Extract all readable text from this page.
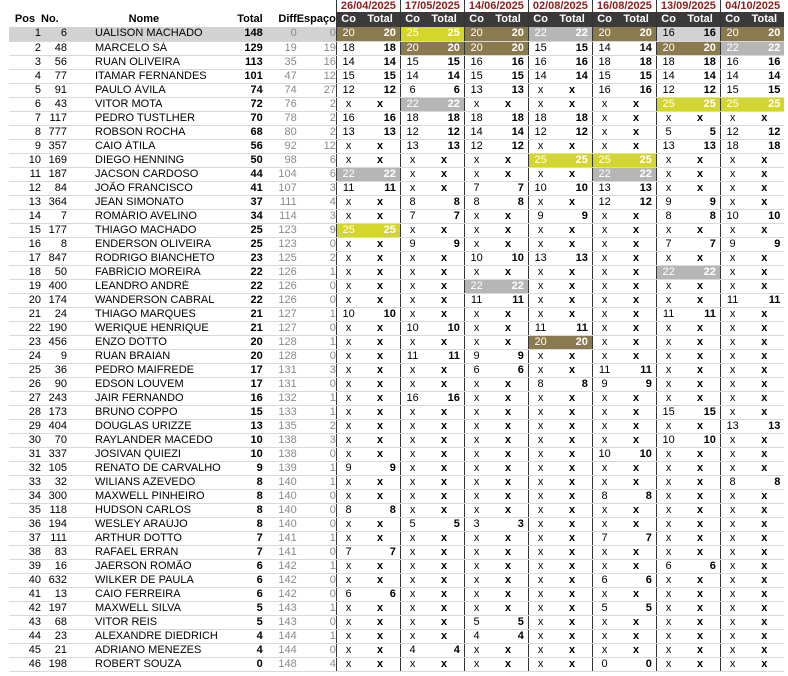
						26/04/2025		17/05/2025		14/06/2025		02/08/2025		16/08/2025		13/09/2025		04/10/2025	
Pos	No.	Nome	Total	Diff	Espaço	Co	Total	Co	Total	Co	Total	Co	Total	Co	Total	Co	Total	Co	Total
1	6	UALISON MACHADO	148	0	0	20	20	25	25	20	20	22	22	20	20	16	16	20	20
2	48	MARCELO SÁ	129	19	19	18	18	20	20	20	20	15	15	14	14	20	20	22	22
3	56	RUAN OLIVEIRA	113	35	16	14	14	15	15	16	16	16	16	18	18	18	18	16	16
4	77	ITAMAR FERNANDES	101	47	12	15	15	14	14	15	15	14	14	15	15	14	14	14	14
5	91	PAULO ÁVILA	74	74	27	12	12	6	6	13	13	x	x	16	16	12	12	15	15
6	43	VITOR MOTA	72	76	2	x	x	22	22	x	x	x	x	x	x	25	25	25	25
7	117	PEDRO TUSTLHER	70	78	2	16	16	18	18	18	18	18	18	x	x	x	x	x	x
8	777	ROBSON ROCHA	68	80	2	13	13	12	12	14	14	12	12	x	x	5	5	12	12
9	357	CAIO ÁTILA	56	92	12	x	x	13	13	12	12	x	x	x	x	13	13	18	18
10	169	DIEGO HENNING	50	98	6	x	x	x	x	x	x	25	25	25	25	x	x	x	x
11	187	JACSON CARDOSO	44	104	6	22	22	x	x	x	x	x	x	22	22	x	x	x	x
12	84	JOÃO FRANCISCO	41	107	3	11	11	x	x	7	7	10	10	13	13	x	x	x	x
13	364	JEAN SIMONATO	37	111	4	x	x	8	8	8	8	x	x	12	12	9	9	x	x
14	7	ROMÁRIO AVELINO	34	114	3	x	x	7	7	x	x	9	9	x	x	8	8	10	10
15	177	THIAGO MACHADO	25	123	9	25	25	x	x	x	x	x	x	x	x	x	x	x	x
16	8	ENDERSON OLIVEIRA	25	123	0	x	x	9	9	x	x	x	x	x	x	7	7	9	9
17	847	RODRIGO BIANCHETO	23	125	2	x	x	x	x	10	10	13	13	x	x	x	x	x	x
18	50	FABRÍCIO MOREIRA	22	126	1	x	x	x	x	x	x	x	x	x	x	22	22	x	x
19	400	LEANDRO ANDRÉ	22	126	0	x	x	x	x	22	22	x	x	x	x	x	x	x	x
20	174	WANDERSON CABRAL	22	126	0	x	x	x	x	11	11	x	x	x	x	x	x	11	11
21	24	THIAGO MARQUES	21	127	1	10	10	x	x	x	x	x	x	x	x	11	11	x	x
22	190	WERIQUE HENRIQUE	21	127	0	x	x	10	10	x	x	11	11	x	x	x	x	x	x
23	456	ENZO DOTTO	20	128	1	x	x	x	x	x	x	20	20	x	x	x	x	x	x
24	9	RUAN BRAIAN	20	128	0	x	x	11	11	9	9	x	x	x	x	x	x	x	x
25	36	PEDRO MAIFREDE	17	131	3	x	x	x	x	6	6	x	x	11	11	x	x	x	x
26	90	EDSON LOUVEM	17	131	0	x	x	x	x	x	x	8	8	9	9	x	x	x	x
27	243	JAIR FERNANDO	16	132	1	x	x	16	16	x	x	x	x	x	x	x	x	x	x
28	173	BRUNO COPPO	15	133	1	x	x	x	x	x	x	x	x	x	x	15	15	x	x
29	404	DOUGLAS URIZZE	13	135	2	x	x	x	x	x	x	x	x	x	x	x	x	13	13
30	70	RAYLANDER MACEDO	10	138	3	x	x	x	x	x	x	x	x	x	x	10	10	x	x
31	337	JOSIVAN QUIEZI	10	138	0	x	x	x	x	x	x	x	x	10	10	x	x	x	x
32	105	RENATO DE CARVALHO	9	139	1	9	9	x	x	x	x	x	x	x	x	x	x	x	x
33	32	WILIANS AZEVEDO	8	140	1	x	x	x	x	x	x	x	x	x	x	x	x	8	8
34	300	MAXWELL PINHEIRO	8	140	0	x	x	x	x	x	x	x	x	8	8	x	x	x	x
35	118	HUDSON CARLOS	8	140	0	8	8	x	x	x	x	x	x	x	x	x	x	x	x
36	194	WESLEY ARAÚJO	8	140	0	x	x	5	5	3	3	x	x	x	x	x	x	x	x
37	111	ARTHUR DOTTO	7	141	1	x	x	x	x	x	x	x	x	7	7	x	x	x	x
38	83	RAFAEL ERRAN	7	141	0	7	7	x	x	x	x	x	x	x	x	x	x	x	x
39	16	JAERSON ROMÃO	6	142	1	x	x	x	x	x	x	x	x	x	x	6	6	x	x
40	632	WILKER DE PAULA	6	142	0	x	x	x	x	x	x	x	x	6	6	x	x	x	x
41	13	CAIO FERREIRA	6	142	0	6	6	x	x	x	x	x	x	x	x	x	x	x	x
42	197	MAXWELL SILVA	5	143	1	x	x	x	x	x	x	x	x	5	5	x	x	x	x
43	68	VITOR REIS	5	143	0	x	x	x	x	5	5	x	x	x	x	x	x	x	x
44	23	ALEXANDRE DIEDRICH	4	144	1	x	x	x	x	4	4	x	x	x	x	x	x	x	x
45	21	ADRIANO MENEZES	4	144	0	x	x	4	4	x	x	x	x	x	x	x	x	x	x
46	198	ROBERT SOUZA	0	148	4	x	x	x	x	x	x	x	x	0	0	x	x	x	x
